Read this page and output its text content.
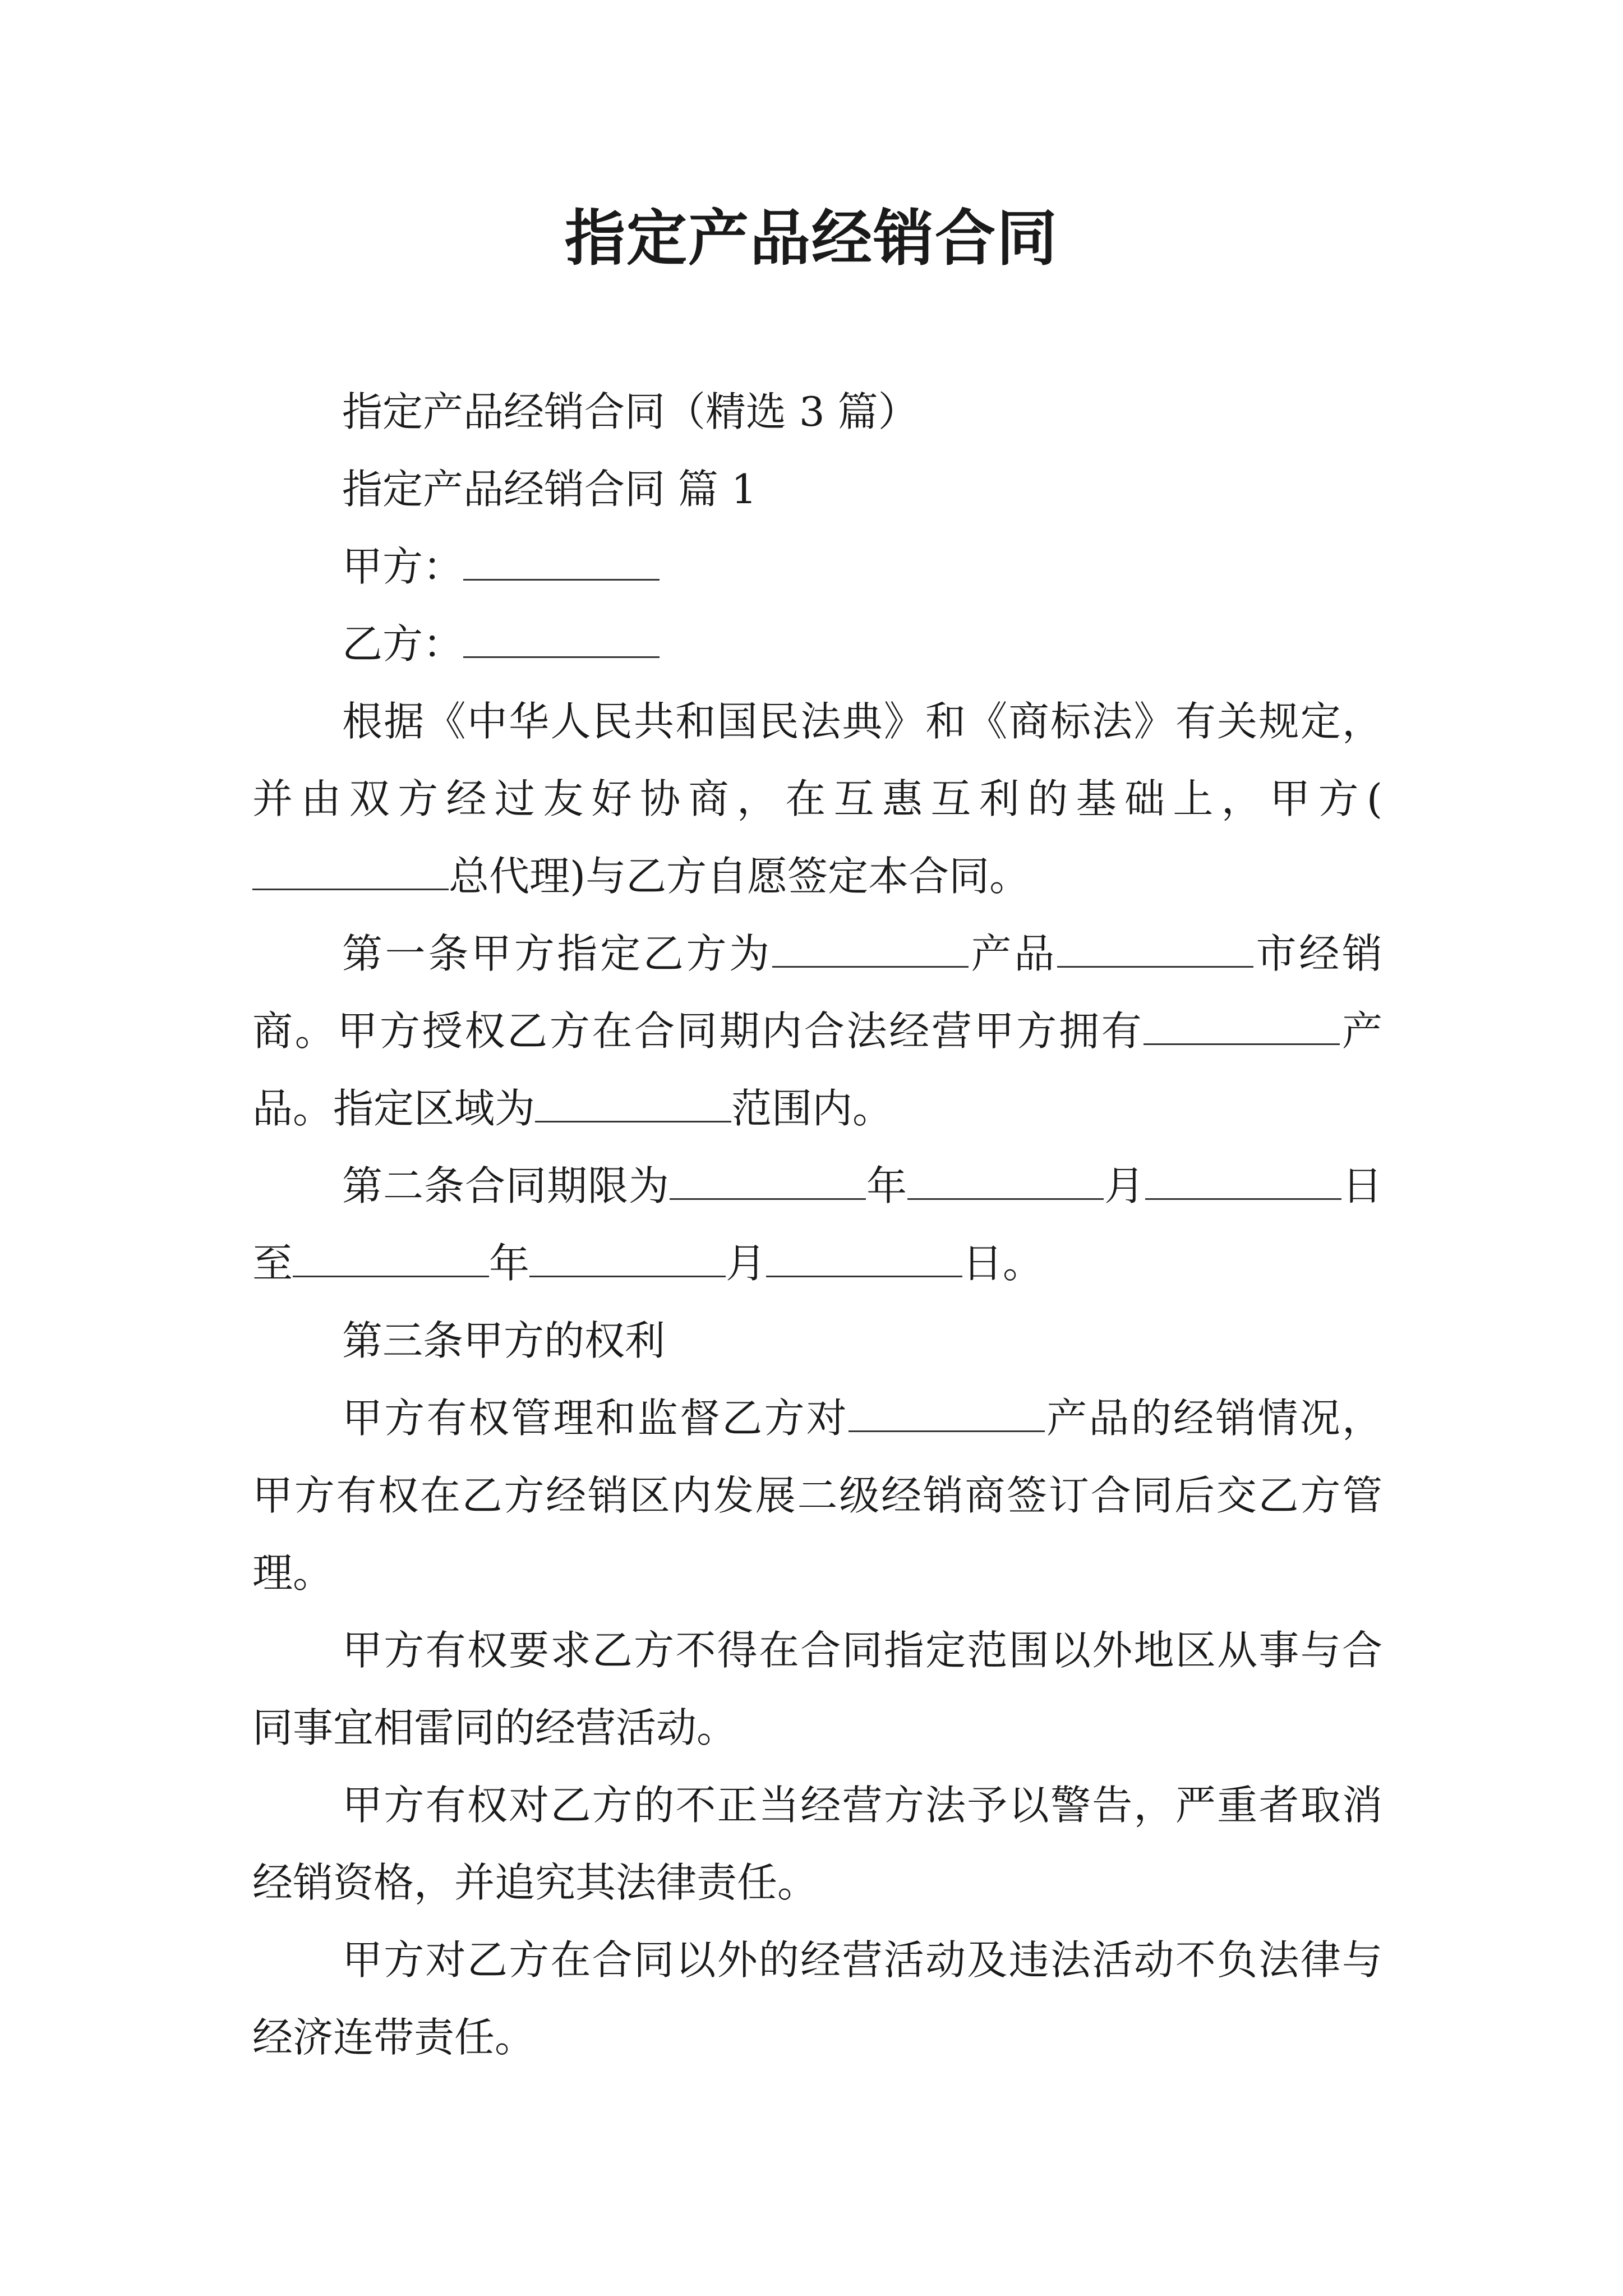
指定产品经销合同

指定产品经销合同（精选 3 篇）

指定产品经销合同 篇 1

甲方：

乙方：

根据《中华人民共和国民法典》和《商标法》有关规定，并由双方经过友好协商，在互惠互利的基础上，甲方(总代理)与乙方自愿签定本合同。

第一条甲方指定乙方为	产品	市经销商。甲方授权乙方在合同期内合法经营甲方拥有	产品。指定区域为	范围内。

第二条合同期限为	年	月	日至	年	月	日。

第三条甲方的权利

甲方有权管理和监督乙方对	产品的经销情况，甲方有权在乙方经销区内发展二级经销商签订合同后交乙方管理。

甲方有权要求乙方不得在合同指定范围以外地区从事与合同事宜相雷同的经营活动。

甲方有权对乙方的不正当经营方法予以警告，严重者取消经销资格，并追究其法律责任。

甲方对乙方在合同以外的经营活动及违法活动不负法律与经济连带责任。
